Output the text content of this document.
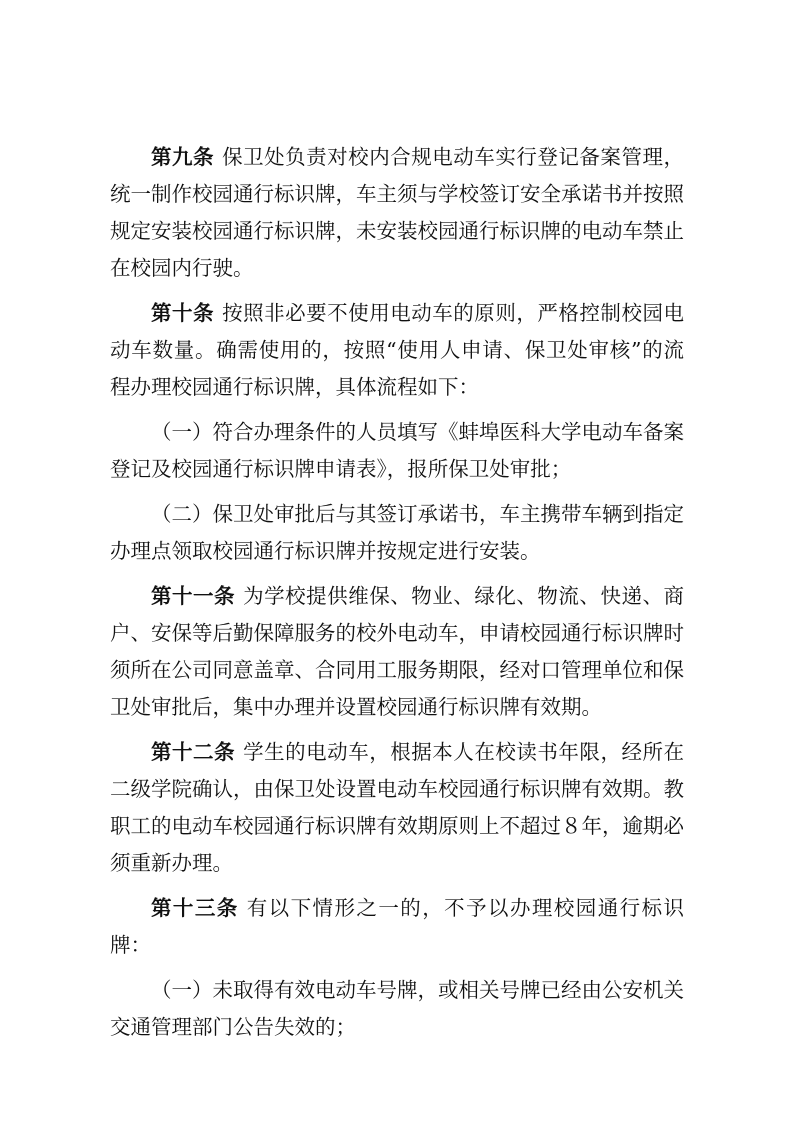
第九条 保卫处负责对校内合规电动车实行登记备案管理，统一制作校园通行标识牌，车主须与学校签订安全承诺书并按照规定安装校园通行标识牌，未安装校园通行标识牌的电动车禁止在校园内行驶。

第十条 按照非必要不使用电动车的原则，严格控制校园电动车数量。确需使用的，按照“使用人申请、保卫处审核”的流程办理校园通行标识牌，具体流程如下：

（一）符合办理条件的人员填写《蚌埠医科大学电动车备案登记及校园通行标识牌申请表》，报所保卫处审批；

（二）保卫处审批后与其签订承诺书，车主携带车辆到指定办理点领取校园通行标识牌并按规定进行安装。

第十一条 为学校提供维保、物业、绿化、物流、快递、商户、安保等后勤保障服务的校外电动车，申请校园通行标识牌时须所在公司同意盖章、合同用工服务期限，经对口管理单位和保卫处审批后，集中办理并设置校园通行标识牌有效期。

第十二条 学生的电动车，根据本人在校读书年限，经所在二级学院确认，由保卫处设置电动车校园通行标识牌有效期。教职工的电动车校园通行标识牌有效期原则上不超过８年，逾期必须重新办理。

第十三条 有以下情形之一的，不予以办理校园通行标识牌：

（一）未取得有效电动车号牌，或相关号牌已经由公安机关交通管理部门公告失效的；
